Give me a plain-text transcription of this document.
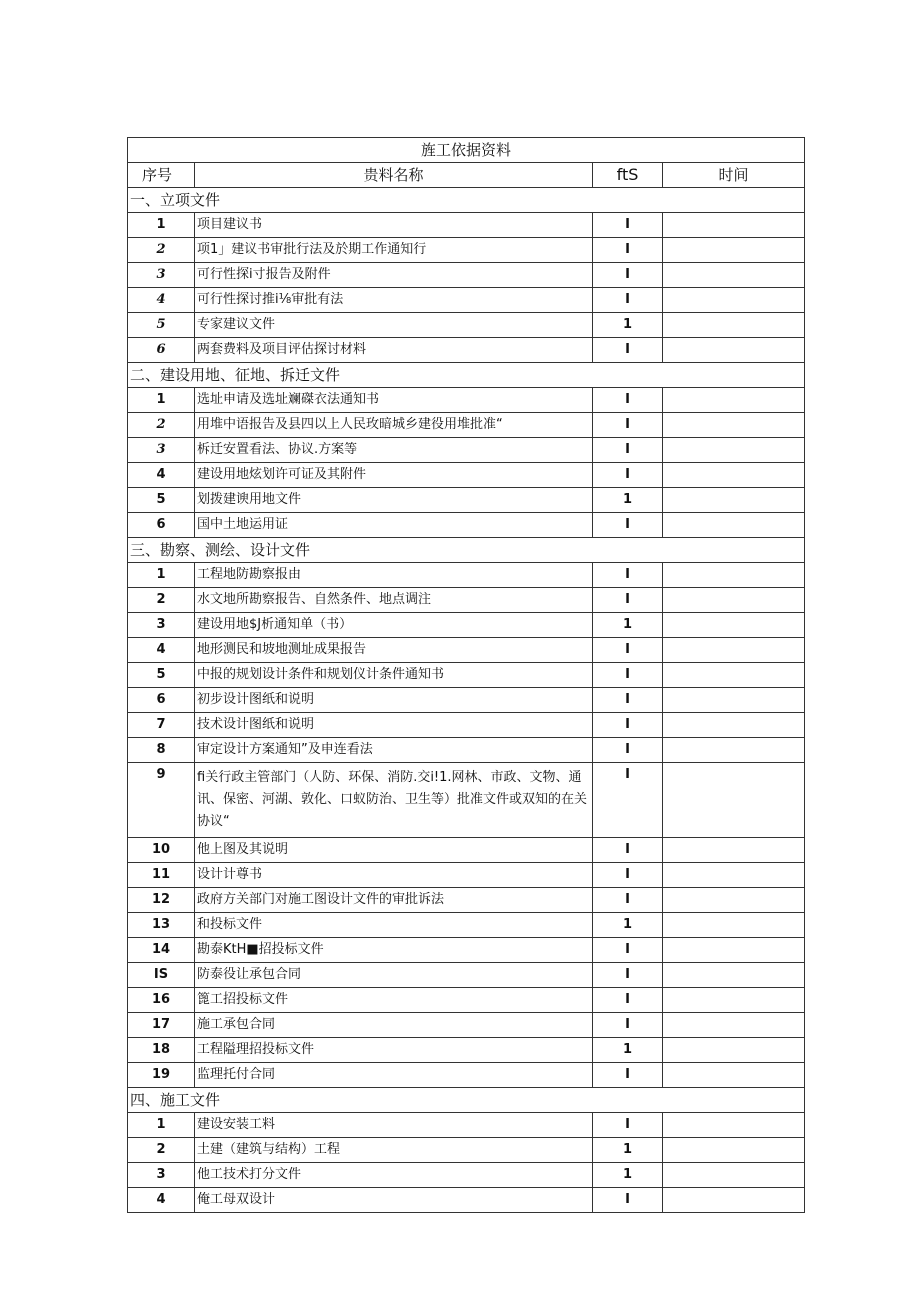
旌工依据资料			
序号	贵料名称	ftS	时间
一、立项文件			
1	项目建议书	I	
2	项1」建议书审批行法及於期工作通知行	I	
3	可行性探i寸报告及附件	I	
4	可行性探讨推i⅛审批有法	I	
5	专家建议文件	1	
6	两套费料及项目评估探讨材料	I	
二、建设用地、征地、拆迁文件			
1	选址申请及选址斓磔衣法通知书	I	
2	用堆中语报告及县四以上人民玫暗城乡建役用堆批准“	I	
3	柝迁安置看法、协议.方案等	I	
4	建设用地炫划许可证及其附件	I	
5	划拨建谀用地文件	1	
6	国中土地运用证	I	
三、勘察、测绘、设计文件			
1	工程地防勘察报由	I	
2	水文地所勘察报告、自然条件、地点调注	I	
3	建设用地$J析通知单（书）	1	
4	地形测民和坡地测址成果报告	I	
5	中报的规划设计条件和规划仪计条件通知书	I	
6	初步设计图纸和说明	I	
7	技术设计图纸和说明	I	
8	审定设计方案通知”及申连看法	I	
9	fi关行政主管部门（人防、环保、消防.交i!1.网林、市政、文物、通讯、保密、河湖、敦化、口蚁防治、卫生等）批准文件或双知的在关协议“	I	
10	他上图及其说明	I	
11	设计计尊书	I	
12	政府方关部门对施工图设计文件的审批诉法	I	
13	和投标文件	1	
14	勘泰KtH■招投标文件	I	
IS	防泰役让承包合同	I	
16	篦工招投标文件	I	
17	施工承包合同	I	
18	工程隘理招投标文件	1	
19	监理托付合同	I	
四、施工文件			
1	建设安装工料	I	
2	土建（建筑与结构）工程	1	
3	他工技术打分文件	1	
4	俺工母双设计	I	
